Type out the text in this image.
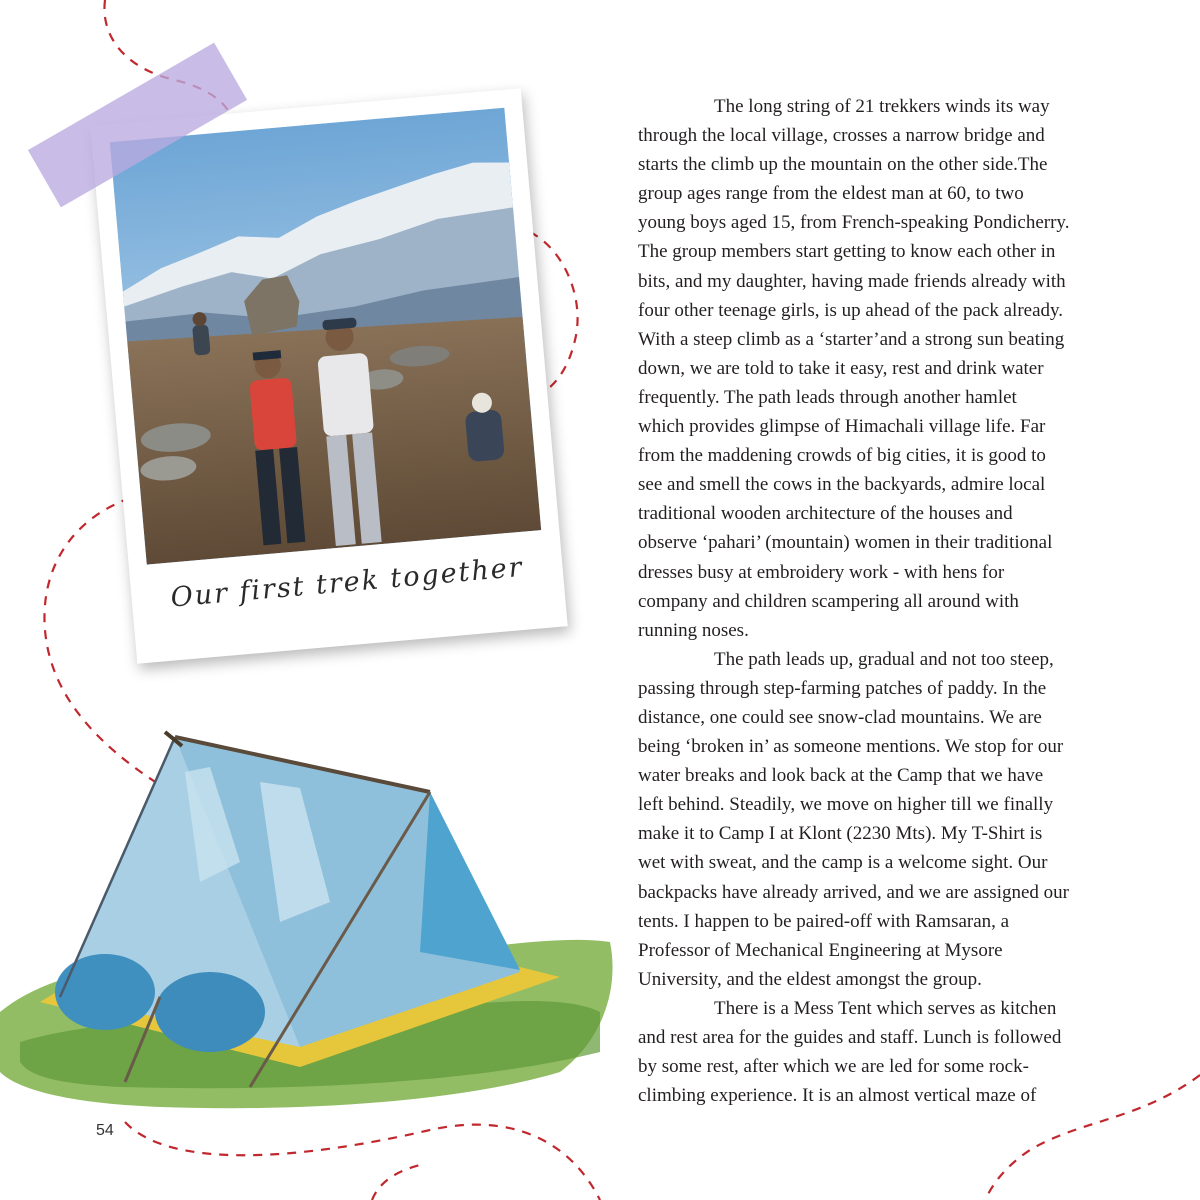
Our first trek together
The long string of 21 trekkers winds its way
through the local village, crosses a narrow bridge and
starts the climb up the mountain on the other side.The
group ages range from the eldest man at 60, to two
young boys aged 15, from French-speaking Pondicherry.
The group members start getting to know each other in
bits, and my daughter, having made friends already with
four other teenage girls, is up ahead of the pack already.
With a steep climb as a ‘starter’and a strong sun beating
down, we are told to take it easy, rest and drink water
frequently. The path leads through another hamlet
which provides glimpse of Himachali village life. Far
from the maddening crowds of big cities, it is good to
see and smell the cows in the backyards, admire local
traditional wooden architecture of the houses and
observe ‘pahari’ (mountain) women in their traditional
dresses busy at embroidery work - with hens for
company and children scampering all around with
running noses.
The path leads up, gradual and not too steep,
passing through step-farming patches of paddy. In the
distance, one could see snow-clad mountains. We are
being ‘broken in’ as someone mentions. We stop for our
water breaks and look back at the Camp that we have
left behind. Steadily, we move on higher till we finally
make it to Camp I at Klont (2230 Mts). My T-Shirt is
wet with sweat, and the camp is a welcome sight. Our
backpacks have already arrived, and we are assigned our
tents. I happen to be paired-off with Ramsaran, a
Professor of Mechanical Engineering at Mysore
University, and the eldest amongst the group.
There is a Mess Tent which serves as kitchen
and rest area for the guides and staff. Lunch is followed
by some rest, after which we are led for some rock-
climbing experience. It is an almost vertical maze of
54
